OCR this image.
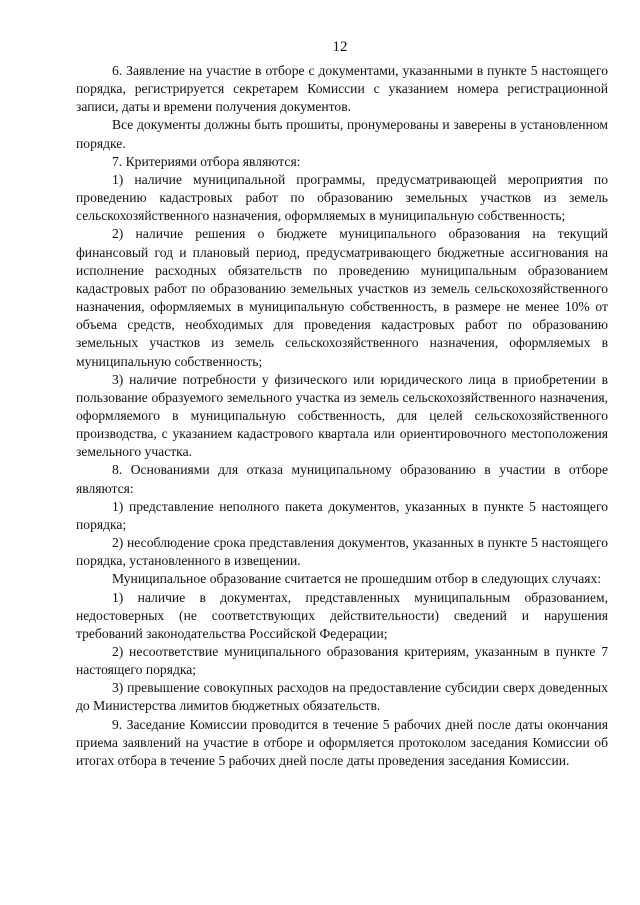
12

6. Заявление на участие в отборе с документами, указанными в пункте 5 настоящего порядка, регистрируется секретарем Комиссии с указанием номера регистрационной записи, даты и времени получения документов.

Все документы должны быть прошиты, пронумерованы и заверены в установленном порядке.

7. Критериями отбора являются:

1) наличие муниципальной программы, предусматривающей мероприятия по проведению кадастровых работ по образованию земельных участков из земель сельскохозяйственного назначения, оформляемых в муниципальную собственность;

2) наличие решения о бюджете муниципального образования на текущий финансовый год и плановый период, предусматривающего бюджетные ассигнования на исполнение расходных обязательств по проведению муниципальным образованием кадастровых работ по образованию земельных участков из земель сельскохозяйственного назначения, оформляемых в муниципальную собственность, в размере не менее 10% от объема средств, необходимых для проведения кадастровых работ по образованию земельных участков из земель сельскохозяйственного назначения, оформляемых в муниципальную собственность;

3) наличие потребности у физического или юридического лица в приобретении в пользование образуемого земельного участка из земель сельскохозяйственного назначения, оформляемого в муниципальную собственность, для целей сельскохозяйственного производства, с указанием кадастрового квартала или ориентировочного местоположения земельного участка.

8. Основаниями для отказа муниципальному образованию в участии в отборе являются:

1) представление неполного пакета документов, указанных в пункте 5 настоящего порядка;

2) несоблюдение срока представления документов, указанных в пункте 5 настоящего порядка, установленного в извещении.

Муниципальное образование считается не прошедшим отбор в следующих случаях:

1) наличие в документах, представленных муниципальным образованием, недостоверных (не соответствующих действительности) сведений и нарушения требований законодательства Российской Федерации;

2) несоответствие муниципального образования критериям, указанным в пункте 7 настоящего порядка;

3) превышение совокупных расходов на предоставление субсидии сверх доведенных до Министерства лимитов бюджетных обязательств.

9. Заседание Комиссии проводится в течение 5 рабочих дней после даты окончания приема заявлений на участие в отборе и оформляется протоколом заседания Комиссии об итогах отбора в течение 5 рабочих дней после даты проведения заседания Комиссии.
